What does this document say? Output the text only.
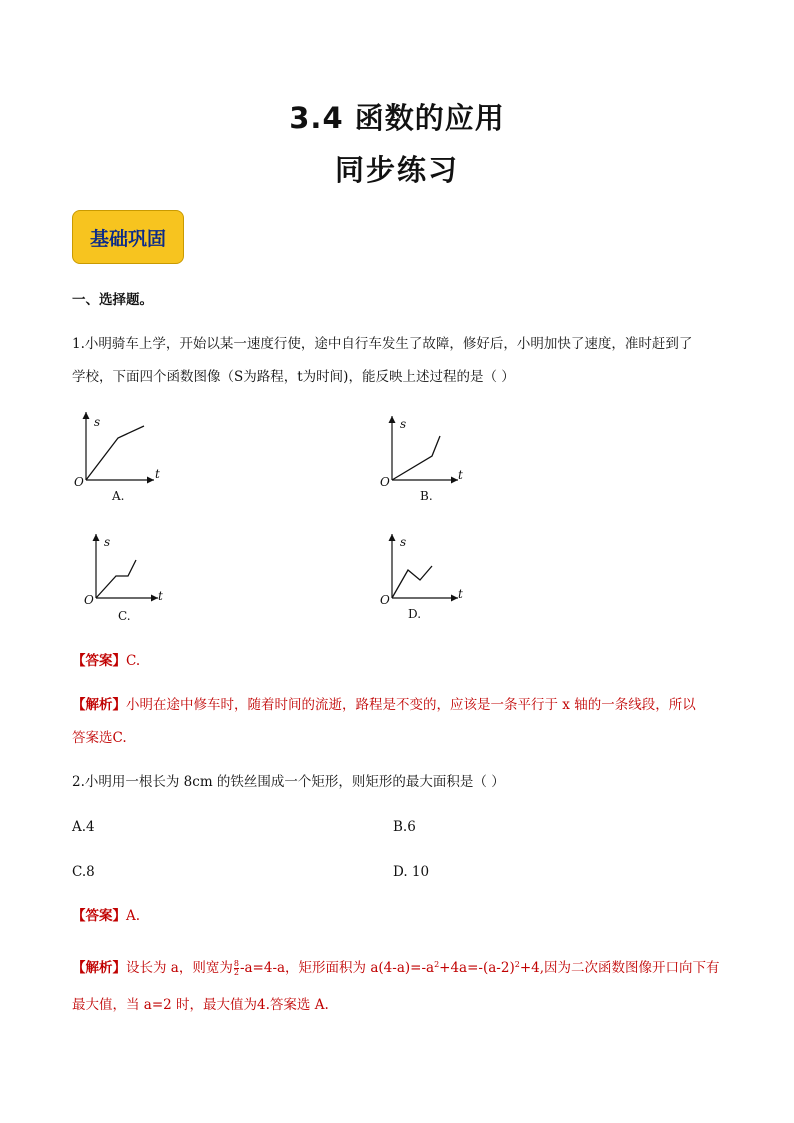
3.4 函数的应用
同步练习
基础巩固
一、选择题。
1.小明骑车上学，开始以某一速度行使，途中自行车发生了故障，修好后，小明加快了速度，准时赶到了
学校，下面四个函数图像（S为路程，t为时间)，能反映上述过程的是（ ）
s
t
O
A.
s
t
O
B.
s
t
O
C.
s
t
O
D.
【答案】C.
【解析】小明在途中修车时，随着时间的流逝，路程是不变的，应该是一条平行于 x 轴的一条线段，所以
答案选C.
2.小明用一根长为 8cm 的铁丝围成一个矩形，则矩形的最大面积是（ ）
A.4	B.6
C.8	D. 10
【答案】A.
【解析】设长为 a，则宽为 $\frac{8}{2} -a=4-a$，矩形面积为 $a(4-a)=-a^2+4a=-(a-2)^2+4$,因为二次函数图像开口向下有
最大值，当 a=2 时，最大值为4.答案选 A.
